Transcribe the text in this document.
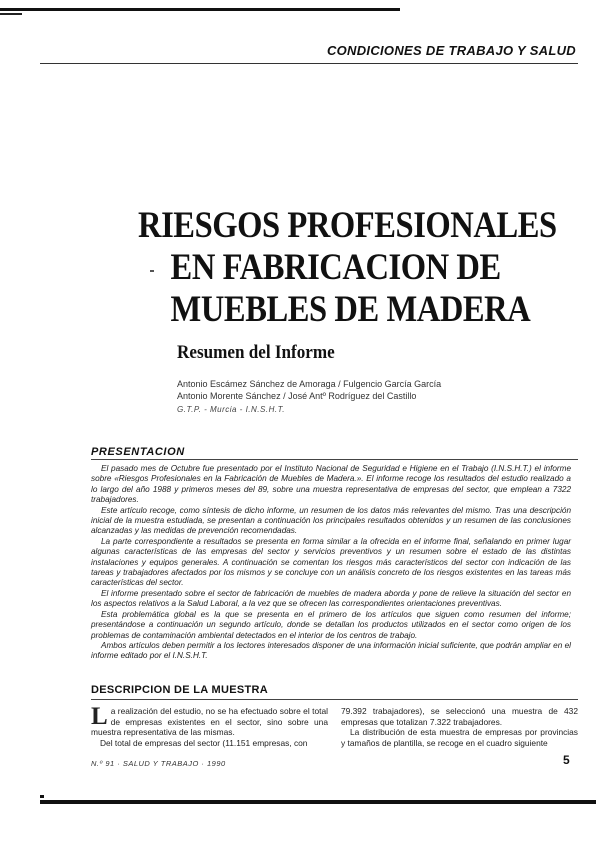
CONDICIONES DE TRABAJO Y SALUD
RIESGOS PROFESIONALES
EN FABRICACION DE
MUEBLES DE MADERA
Resumen del Informe
Antonio Escámez Sánchez de Amoraga / Fulgencio García García
Antonio Morente Sánchez / José Antº Rodríguez del Castillo
G.T.P. - Murcia - I.N.S.H.T.
PRESENTACION

El pasado mes de Octubre fue presentado por el Instituto Nacional de Seguridad e Higiene en el Trabajo (I.N.S.H.T.) el informe sobre «Riesgos Profesionales en la Fabricación de Muebles de Madera.». El informe recoge los resultados del estudio realizado a lo largo del año 1988 y primeros meses del 89, sobre una muestra representativa de empresas del sector, que emplean a 7322 trabajadores.

Este artículo recoge, como síntesis de dicho informe, un resumen de los datos más relevantes del mismo. Tras una descripción inicial de la muestra estudiada, se presentan a continuación los principales resultados obtenidos y un resumen de las conclusiones alcanzadas y las medidas de prevención recomendadas.

La parte correspondiente a resultados se presenta en forma similar a la ofrecida en el informe final, señalando en primer lugar algunas características de las empresas del sector y servicios preventivos y un resumen sobre el estado de las distintas instalaciones y equipos generales. A continuación se comentan los riesgos más característicos del sector con indicación de las tareas y trabajadores afectados por los mismos y se concluye con un análisis concreto de los riesgos existentes en las tareas más características del sector.

El informe presentado sobre el sector de fabricación de muebles de madera aborda y pone de relieve la situación del sector en los aspectos relativos a la Salud Laboral, a la vez que se ofrecen las correspondientes orientaciones preventivas.

Esta problemática global es la que se presenta en el primero de los artículos que siguen como resumen del informe; presentándose a continuación un segundo artículo, donde se detallan los productos utilizados en el sector como origen de los problemas de contaminación ambiental detectados en el interior de los centros de trabajo.

Ambos artículos deben permitir a los lectores interesados disponer de una información inicial suficiente, que podrán ampliar en el informe editado por el I.N.S.H.T.

DESCRIPCION DE LA MUESTRA

La realización del estudio, no se ha efectuado sobre el total de empresas existentes en el sector, sino sobre una muestra representativa de las mismas.

Del total de empresas del sector (11.151 empresas, con

79.392 trabajadores), se seleccionó una muestra de 432 empresas que totalizan 7.322 trabajadores.

La distribución de esta muestra de empresas por provincias y tamaños de plantilla, se recoge en el cuadro siguiente

N.º 91 · SALUD Y TRABAJO · 1990	5
